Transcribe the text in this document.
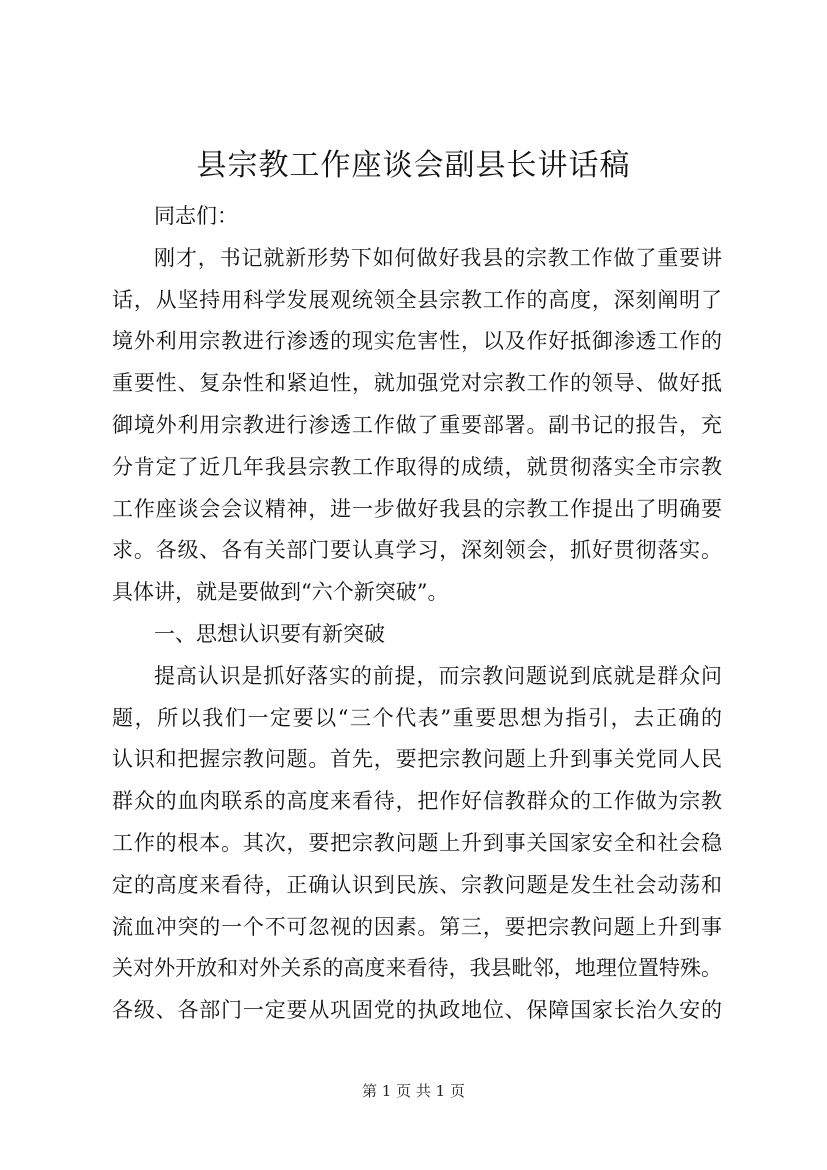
县宗教工作座谈会副县长讲话稿
同志们：
刚才，书记就新形势下如何做好我县的宗教工作做了重要讲
话，从坚持用科学发展观统领全县宗教工作的高度，深刻阐明了
境外利用宗教进行渗透的现实危害性，以及作好抵御渗透工作的
重要性、复杂性和紧迫性，就加强党对宗教工作的领导、做好抵
御境外利用宗教进行渗透工作做了重要部署。副书记的报告，充
分肯定了近几年我县宗教工作取得的成绩，就贯彻落实全市宗教
工作座谈会会议精神，进一步做好我县的宗教工作提出了明确要
求。各级、各有关部门要认真学习，深刻领会，抓好贯彻落实。
具体讲，就是要做到“六个新突破”。
一、思想认识要有新突破
提高认识是抓好落实的前提，而宗教问题说到底就是群众问
题，所以我们一定要以“三个代表”重要思想为指引，去正确的
认识和把握宗教问题。首先，要把宗教问题上升到事关党同人民
群众的血肉联系的高度来看待，把作好信教群众的工作做为宗教
工作的根本。其次，要把宗教问题上升到事关国家安全和社会稳
定的高度来看待，正确认识到民族、宗教问题是发生社会动荡和
流血冲突的一个不可忽视的因素。第三，要把宗教问题上升到事
关对外开放和对外关系的高度来看待，我县毗邻，地理位置特殊。
各级、各部门一定要从巩固党的执政地位、保障国家长治久安的
第 1 页 共 1 页
